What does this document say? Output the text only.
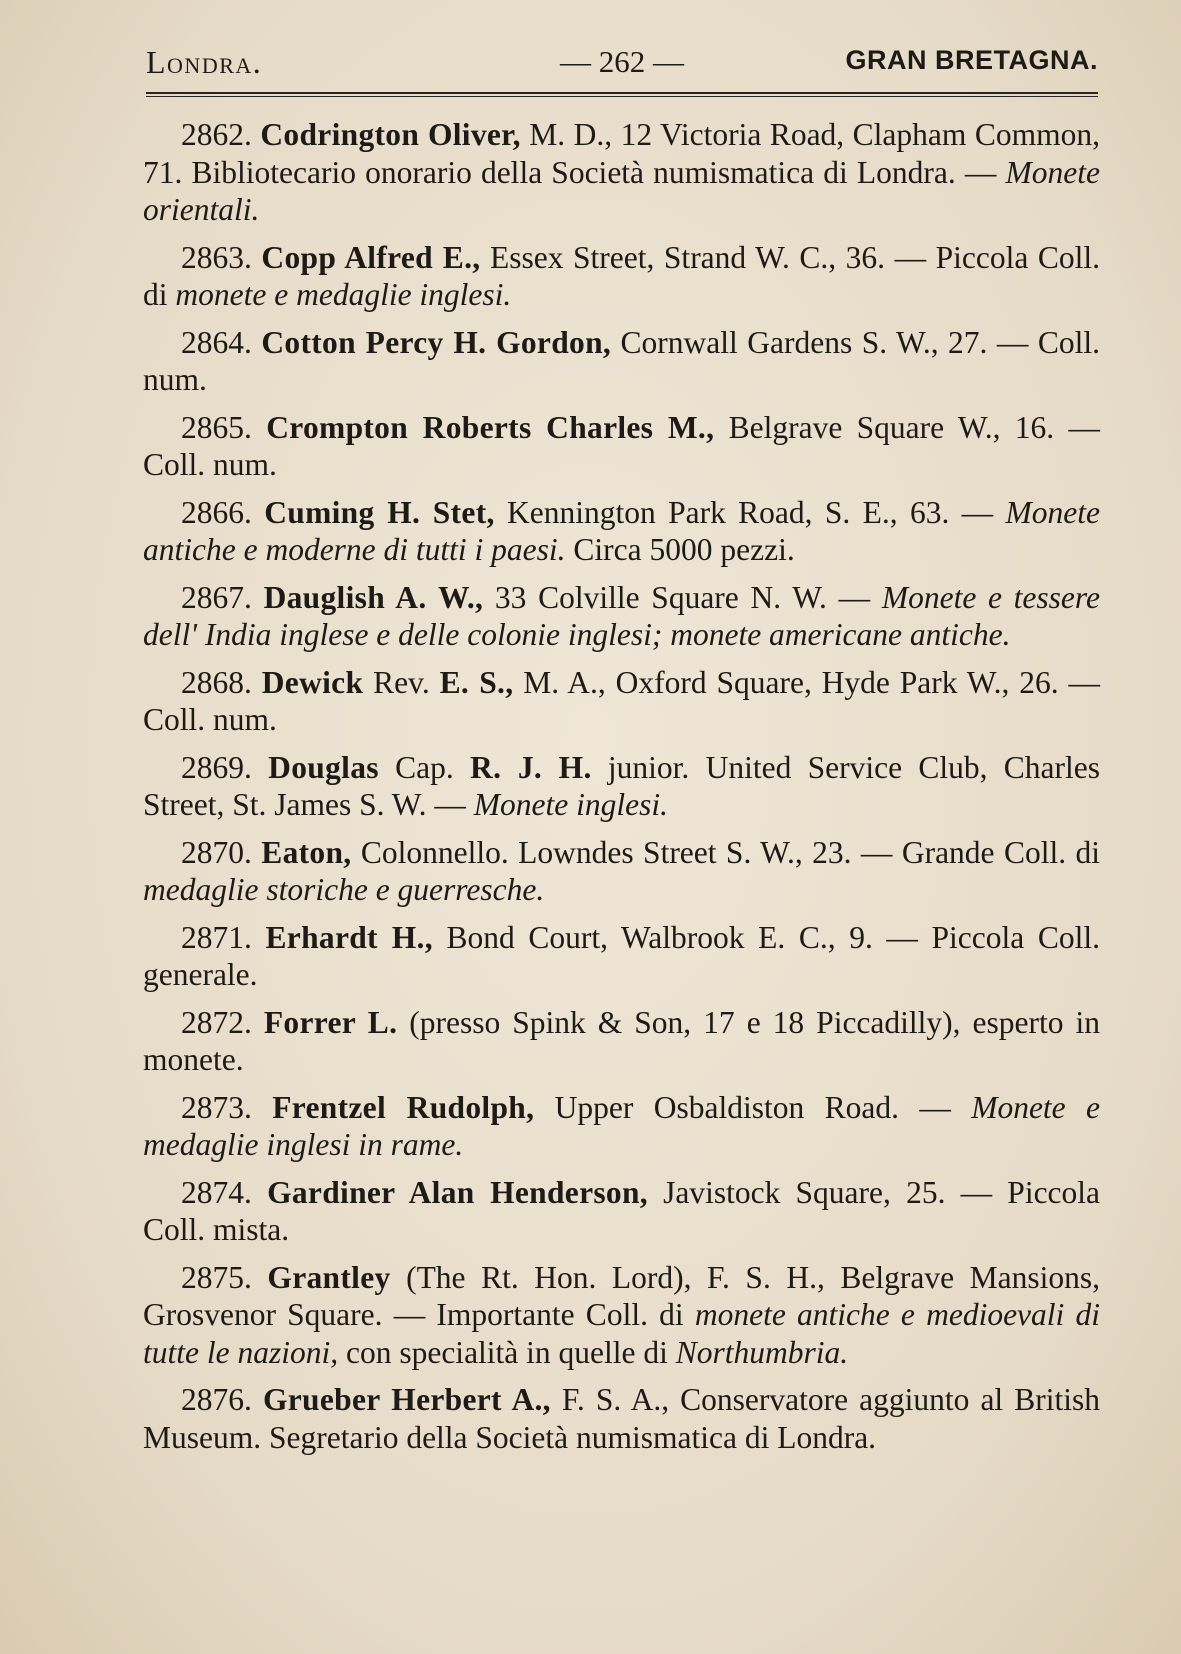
Londra.	— 262 —	GRAN BRETAGNA.

2862. Codrington Oliver, M. D., 12 Victoria Road, Clapham Common, 71. Bibliotecario onorario della Società numismatica di Londra. — Monete orientali.

2863. Copp Alfred E., Essex Street, Strand W. C., 36. — Piccola Coll. di monete e medaglie inglesi.

2864. Cotton Percy H. Gordon, Cornwall Gardens S. W., 27. — Coll. num.

2865. Crompton Roberts Charles M., Belgrave Square W., 16. — Coll. num.

2866. Cuming H. Stet, Kennington Park Road, S. E., 63. — Monete antiche e moderne di tutti i paesi. Circa 5000 pezzi.

2867. Dauglish A. W., 33 Colville Square N. W. — Monete e tessere dell' India inglese e delle colonie inglesi; monete americane antiche.

2868. Dewick Rev. E. S., M. A., Oxford Square, Hyde Park W., 26. — Coll. num.

2869. Douglas Cap. R. J. H. junior. United Service Club, Charles Street, St. James S. W. — Monete inglesi.

2870. Eaton, Colonnello. Lowndes Street S. W., 23. — Grande Coll. di medaglie storiche e guerresche.

2871. Erhardt H., Bond Court, Walbrook E. C., 9. — Piccola Coll. generale.

2872. Forrer L. (presso Spink & Son, 17 e 18 Piccadilly), esperto in monete.

2873. Frentzel Rudolph, Upper Osbaldiston Road. — Monete e medaglie inglesi in rame.

2874. Gardiner Alan Henderson, Javistock Square, 25. — Piccola Coll. mista.

2875. Grantley (The Rt. Hon. Lord), F. S. H., Belgrave Mansions, Grosvenor Square. — Importante Coll. di monete antiche e medioevali di tutte le nazioni, con specialità in quelle di Northumbria.

2876. Grueber Herbert A., F. S. A., Conservatore aggiunto al British Museum. Segretario della Società numismatica di Londra.
